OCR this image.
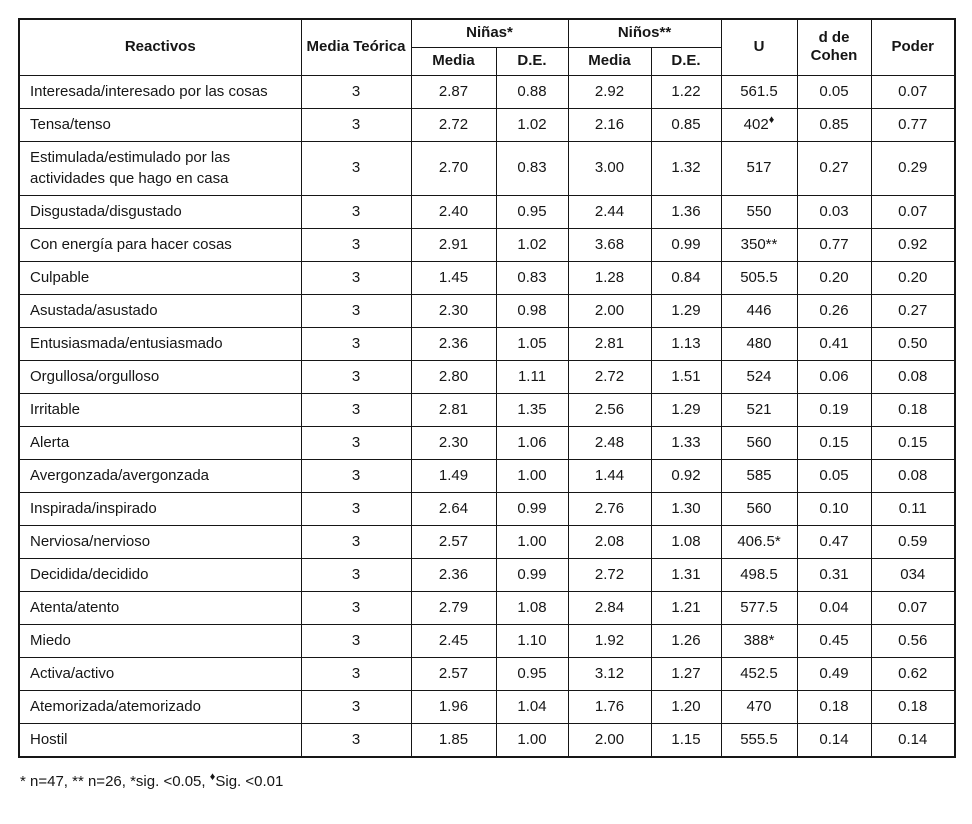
Reactivos	Media Teórica	Niñas*		Niños**		U	d de Cohen	Poder
		Media	D.E.	Media	D.E.			
Interesada/interesado por las cosas	3	2.87	0.88	2.92	1.22	561.5	0.05	0.07
Tensa/tenso	3	2.72	1.02	2.16	0.85	402♦	0.85	0.77
Estimulada/estimulado por las actividades que hago en casa	3	2.70	0.83	3.00	1.32	517	0.27	0.29
Disgustada/disgustado	3	2.40	0.95	2.44	1.36	550	0.03	0.07
Con energía para hacer cosas	3	2.91	1.02	3.68	0.99	350**	0.77	0.92
Culpable	3	1.45	0.83	1.28	0.84	505.5	0.20	0.20
Asustada/asustado	3	2.30	0.98	2.00	1.29	446	0.26	0.27
Entusiasmada/entusiasmado	3	2.36	1.05	2.81	1.13	480	0.41	0.50
Orgullosa/orgulloso	3	2.80	1.11	2.72	1.51	524	0.06	0.08
Irritable	3	2.81	1.35	2.56	1.29	521	0.19	0.18
Alerta	3	2.30	1.06	2.48	1.33	560	0.15	0.15
Avergonzada/avergonzada	3	1.49	1.00	1.44	0.92	585	0.05	0.08
Inspirada/inspirado	3	2.64	0.99	2.76	1.30	560	0.10	0.11
Nerviosa/nervioso	3	2.57	1.00	2.08	1.08	406.5*	0.47	0.59
Decidida/decidido	3	2.36	0.99	2.72	1.31	498.5	0.31	034
Atenta/atento	3	2.79	1.08	2.84	1.21	577.5	0.04	0.07
Miedo	3	2.45	1.10	1.92	1.26	388*	0.45	0.56
Activa/activo	3	2.57	0.95	3.12	1.27	452.5	0.49	0.62
Atemorizada/atemorizado	3	1.96	1.04	1.76	1.20	470	0.18	0.18
Hostil	3	1.85	1.00	2.00	1.15	555.5	0.14	0.14
* n=47, ** n=26, *sig. <0.05, ♦Sig. <0.01
